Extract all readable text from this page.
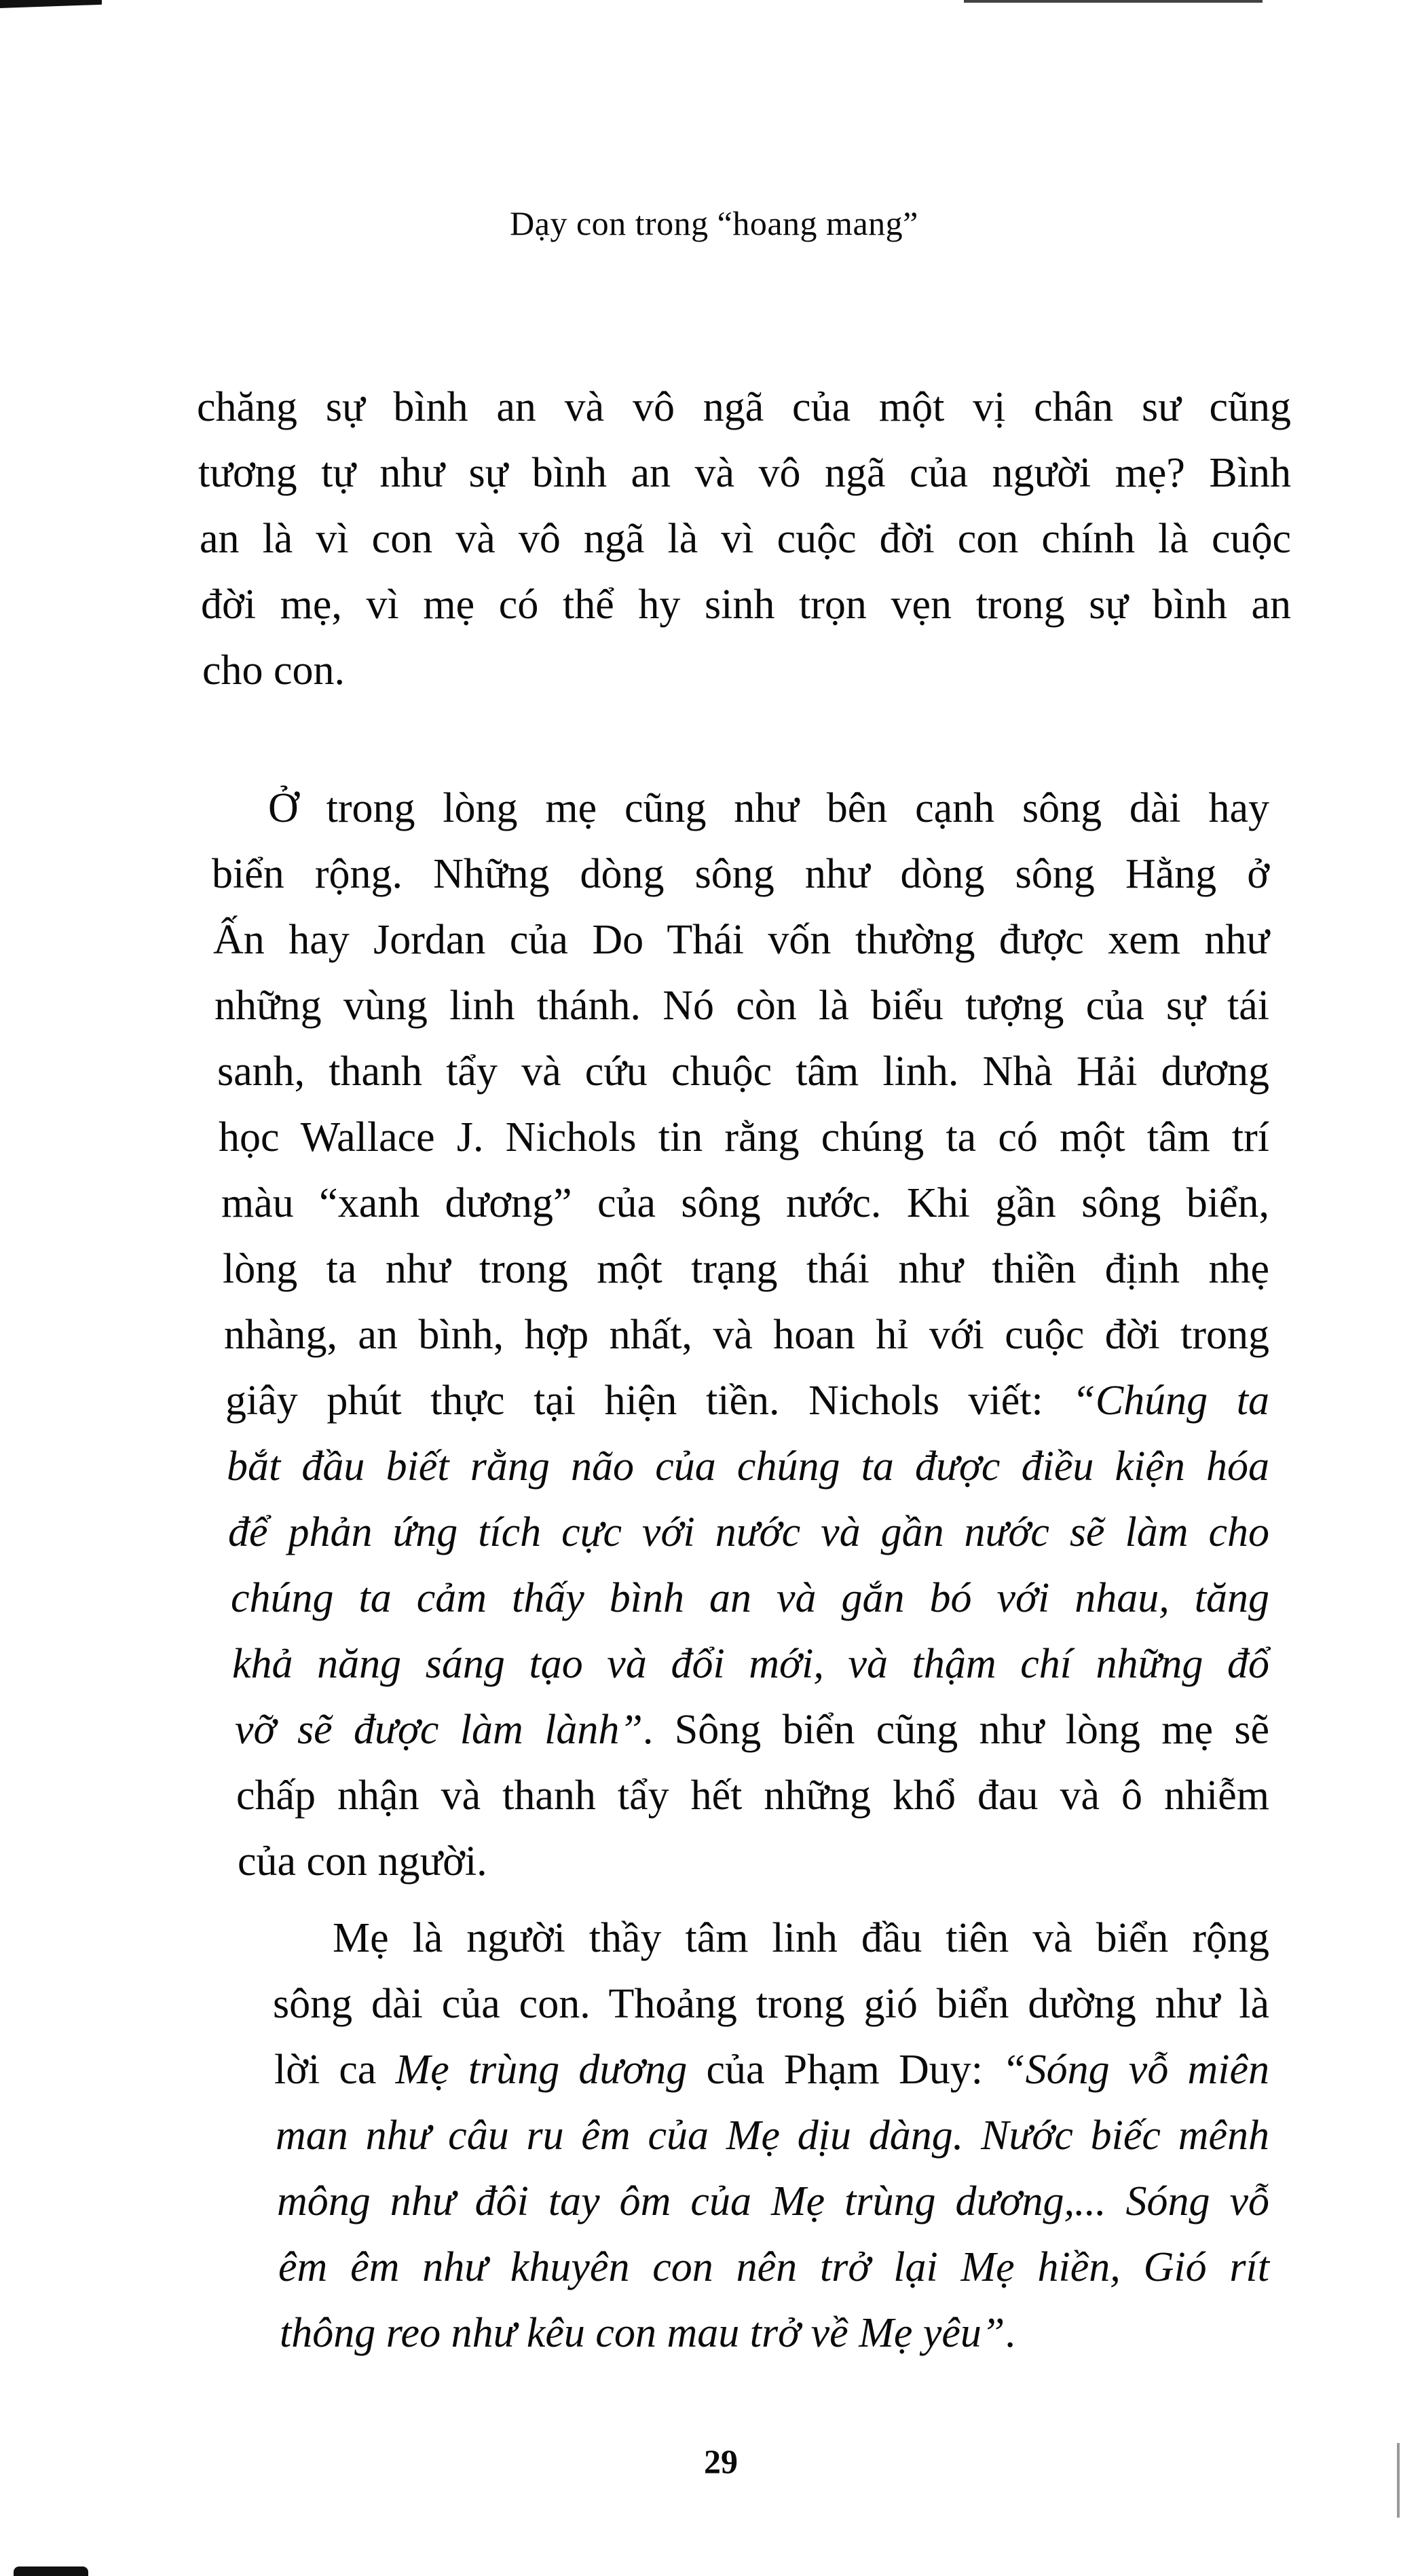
Dạy con trong “hoang mang”
chăng sự bình an và vô ngã của một vị chân sư cũng
tương tự như sự bình an và vô ngã của người mẹ? Bình
an là vì con và vô ngã là vì cuộc đời con chính là cuộc
đời mẹ, vì mẹ có thể hy sinh trọn vẹn trong sự bình an
cho con.
Ở trong lòng mẹ cũng như bên cạnh sông dài hay
biển rộng. Những dòng sông như dòng sông Hằng ở
Ấn hay Jordan của Do Thái vốn thường được xem như
những vùng linh thánh. Nó còn là biểu tượng của sự tái
sanh, thanh tẩy và cứu chuộc tâm linh. Nhà Hải dương
học Wallace J. Nichols tin rằng chúng ta có một tâm trí
màu “xanh dương” của sông nước. Khi gần sông biển,
lòng ta như trong một trạng thái như thiền định nhẹ
nhàng, an bình, hợp nhất, và hoan hỉ với cuộc đời trong
giây phút thực tại hiện tiền. Nichols viết: “Chúng ta
bắt đầu biết rằng não của chúng ta được điều kiện hóa
để phản ứng tích cực với nước và gần nước sẽ làm cho
chúng ta cảm thấy bình an và gắn bó với nhau, tăng
khả năng sáng tạo và đổi mới, và thậm chí những đổ
vỡ sẽ được làm lành”. Sông biển cũng như lòng mẹ sẽ
chấp nhận và thanh tẩy hết những khổ đau và ô nhiễm
của con người.
Mẹ là người thầy tâm linh đầu tiên và biển rộng
sông dài của con. Thoảng trong gió biển dường như là
lời ca Mẹ trùng dương của Phạm Duy: “Sóng vỗ miên
man như câu ru êm của Mẹ dịu dàng. Nước biếc mênh
mông như đôi tay ôm của Mẹ trùng dương,... Sóng vỗ
êm êm như khuyên con nên trở lại Mẹ hiền, Gió rít
thông reo như kêu con mau trở về Mẹ yêu”.
29
